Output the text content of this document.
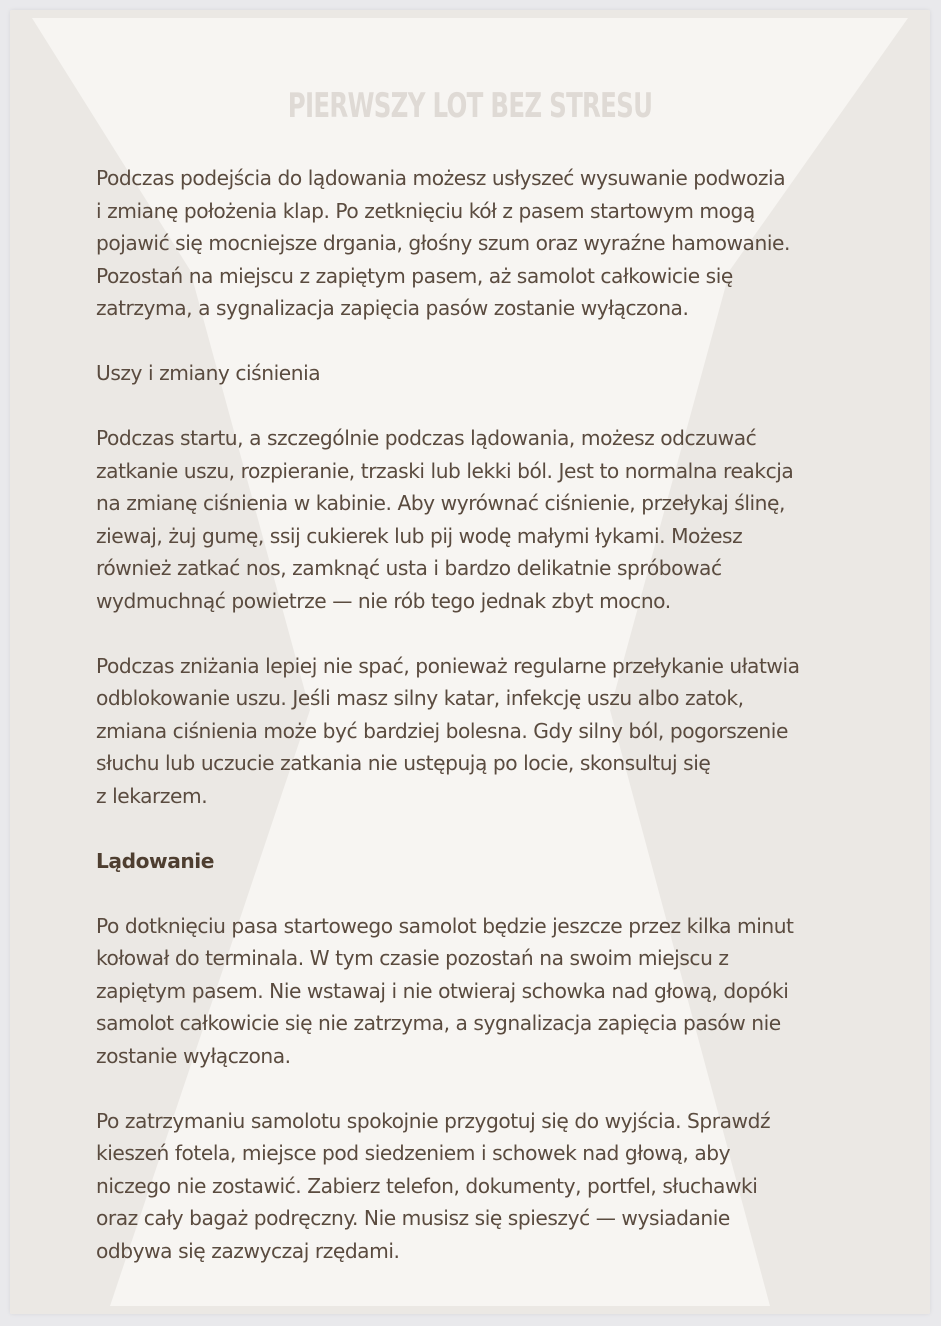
PIERWSZY LOT BEZ STRESU

Podczas podejścia do lądowania możesz usłyszeć wysuwanie podwozia
i zmianę położenia klap. Po zetknięciu kół z pasem startowym mogą
pojawić się mocniejsze drgania, głośny szum oraz wyraźne hamowanie.
Pozostań na miejscu z zapiętym pasem, aż samolot całkowicie się
zatrzyma, a sygnalizacja zapięcia pasów zostanie wyłączona.

Uszy i zmiany ciśnienia

Podczas startu, a szczególnie podczas lądowania, możesz odczuwać
zatkanie uszu, rozpieranie, trzaski lub lekki ból. Jest to normalna reakcja
na zmianę ciśnienia w kabinie. Aby wyrównać ciśnienie, przełykaj ślinę,
ziewaj, żuj gumę, ssij cukierek lub pij wodę małymi łykami. Możesz
również zatkać nos, zamknąć usta i bardzo delikatnie spróbować
wydmuchnąć powietrze — nie rób tego jednak zbyt mocno.

Podczas zniżania lepiej nie spać, ponieważ regularne przełykanie ułatwia
odblokowanie uszu. Jeśli masz silny katar, infekcję uszu albo zatok,
zmiana ciśnienia może być bardziej bolesna. Gdy silny ból, pogorszenie
słuchu lub uczucie zatkania nie ustępują po locie, skonsultuj się
z lekarzem.

Lądowanie

Po dotknięciu pasa startowego samolot będzie jeszcze przez kilka minut
kołował do terminala. W tym czasie pozostań na swoim miejscu z
zapiętym pasem. Nie wstawaj i nie otwieraj schowka nad głową, dopóki
samolot całkowicie się nie zatrzyma, a sygnalizacja zapięcia pasów nie
zostanie wyłączona.

Po zatrzymaniu samolotu spokojnie przygotuj się do wyjścia. Sprawdź
kieszeń fotela, miejsce pod siedzeniem i schowek nad głową, aby
niczego nie zostawić. Zabierz telefon, dokumenty, portfel, słuchawki
oraz cały bagaż podręczny. Nie musisz się spieszyć — wysiadanie
odbywa się zazwyczaj rzędami.
